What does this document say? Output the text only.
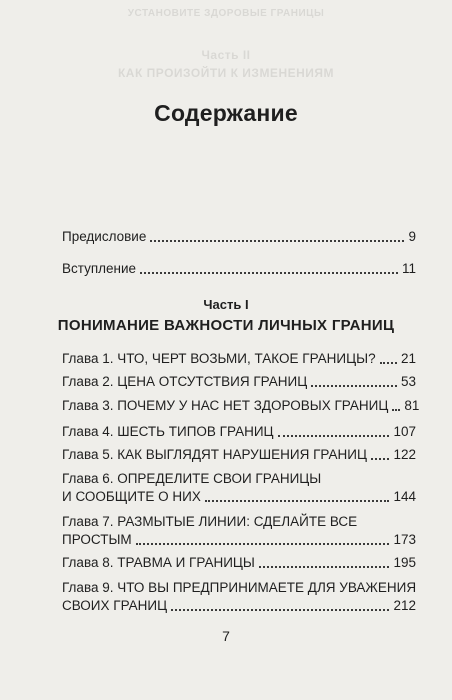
УСТАНОВИТЕ ЗДОРОВЫЕ ГРАНИЦЫ
Часть II
КАК ПРОИЗОЙТИ К ИЗМЕНЕНИЯМ
Содержание
Предисловие	9
Вступление	11
Часть I
ПОНИМАНИЕ ВАЖНОСТИ ЛИЧНЫХ ГРАНИЦ
Глава 1. ЧТО, ЧЕРТ ВОЗЬМИ, ТАКОЕ ГРАНИЦЫ? 21
Глава 2. ЦЕНА ОТСУТСТВИЯ ГРАНИЦ	53
Глава 3. ПОЧЕМУ У НАС НЕТ ЗДОРОВЫХ ГРАНИЦ 81
Глава 4. ШЕСТЬ ТИПОВ ГРАНИЦ	107
Глава 5. КАК ВЫГЛЯДЯТ НАРУШЕНИЯ ГРАНИЦ 122
Глава 6. ОПРЕДЕЛИТЕ СВОИ ГРАНИЦЫ
И СООБЩИТЕ О НИХ	144
Глава 7. РАЗМЫТЫЕ ЛИНИИ: СДЕЛАЙТЕ ВСЕ
ПРОСТЫМ	173
Глава 8. ТРАВМА И ГРАНИЦЫ	195
Глава 9. ЧТО ВЫ ПРЕДПРИНИМАЕТЕ ДЛЯ УВАЖЕНИЯ
СВОИХ ГРАНИЦ	212
7
